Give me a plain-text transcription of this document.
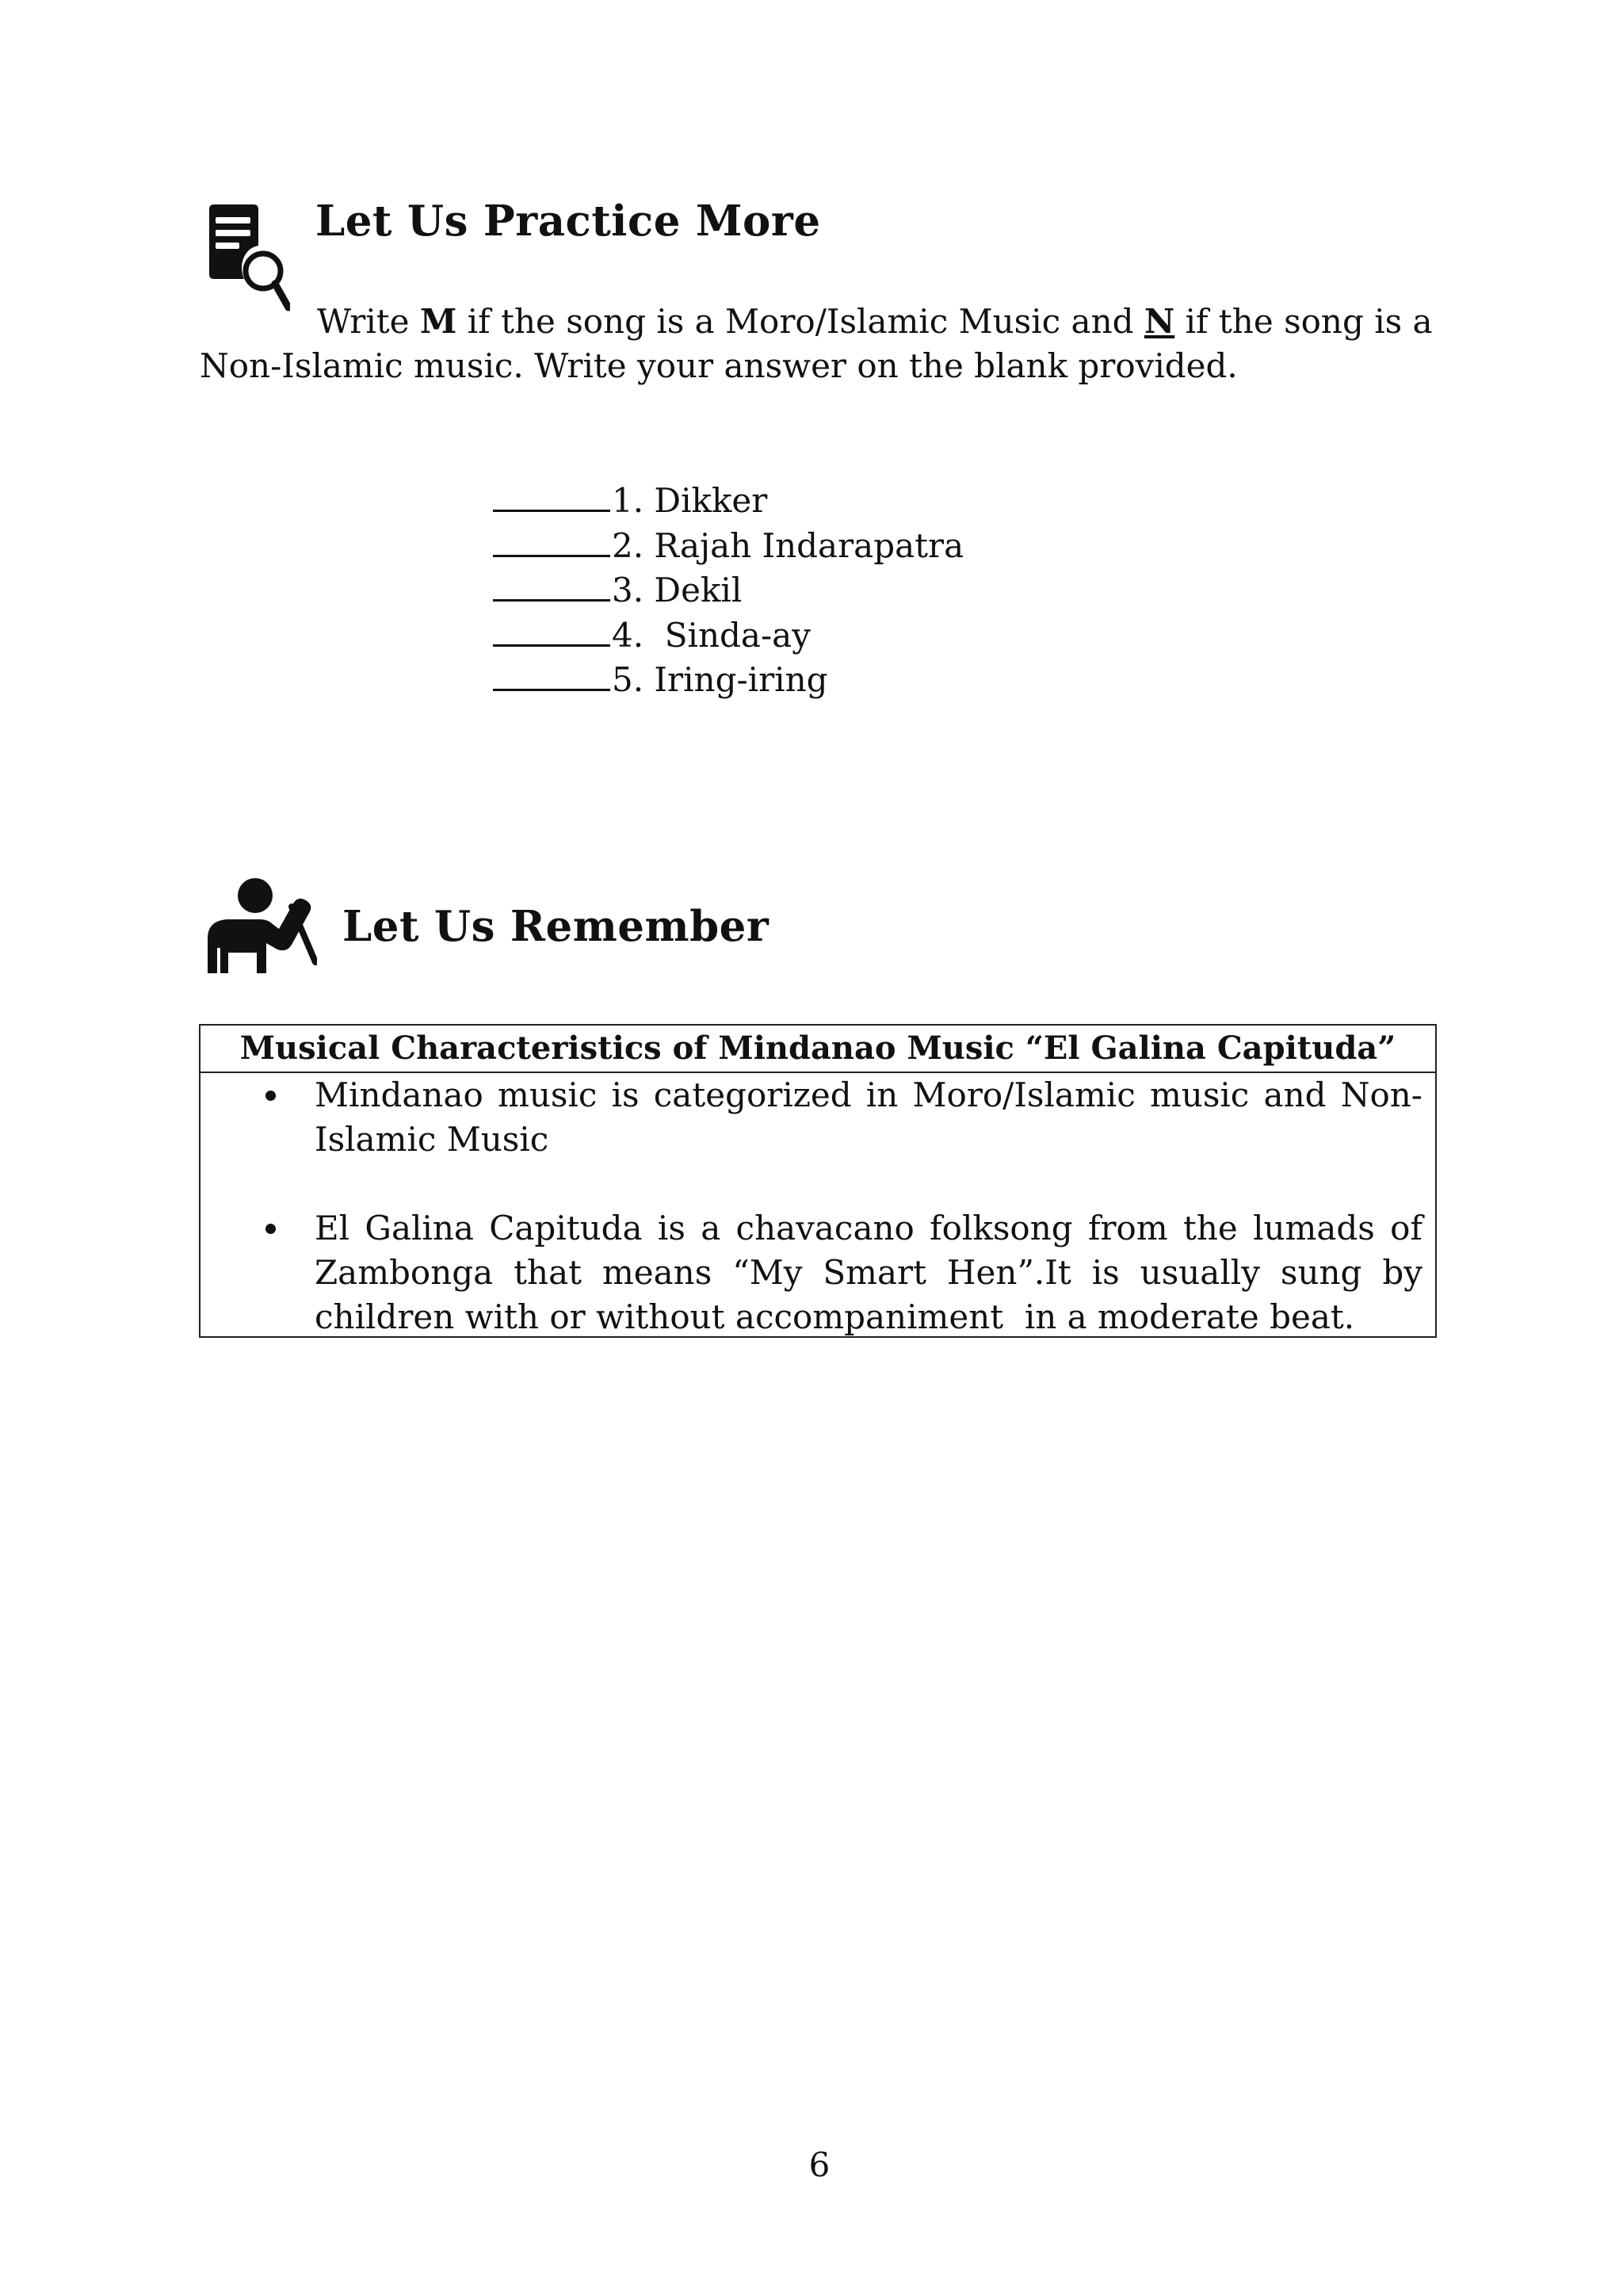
Let Us Practice More
Write M if the song is a Moro/Islamic Music and N if the song is a Non-Islamic music. Write your answer on the blank provided.
1. Dikker
2. Rajah Indarapatra
3. Dekil
4.  Sinda-ay
5. Iring-iring
Let Us Remember
Musical Characteristics of Mindanao Music “El Galina Capituda”
Mindanao music is categorized in Moro/Islamic music and Non-Islamic Music
El Galina Capituda is a chavacano folksong from the lumads of Zambonga that means “My Smart Hen”.It is usually sung by children with or without accompaniment  in a moderate beat.
6
